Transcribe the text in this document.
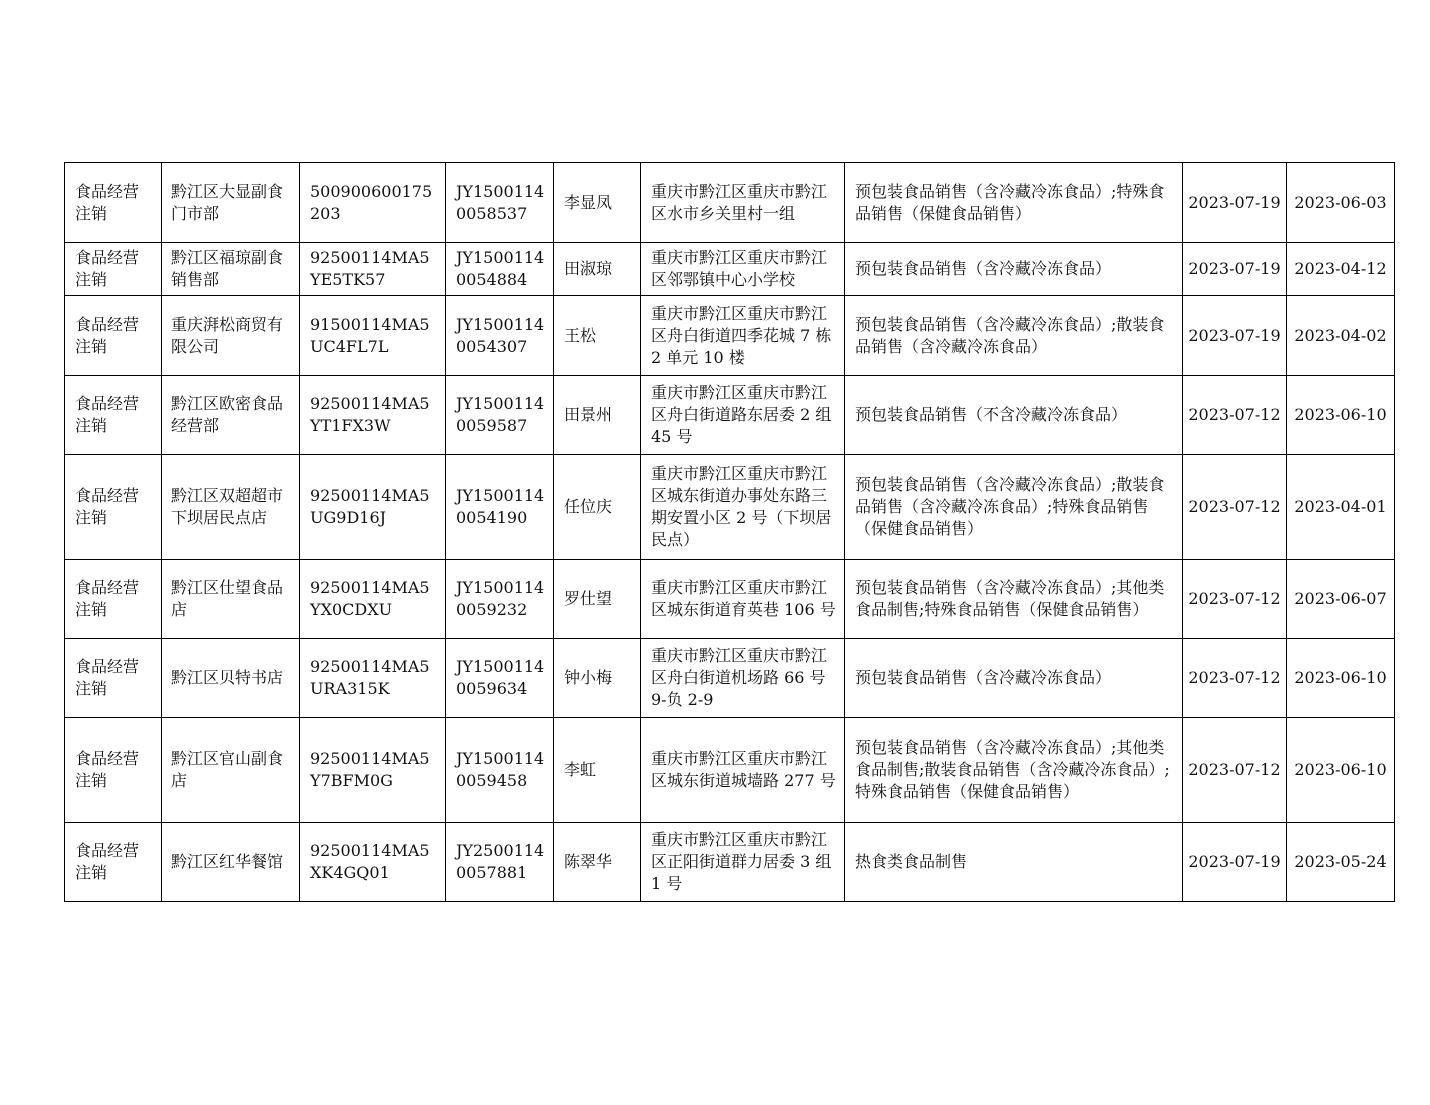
食品经营注销	黔江区大显副食门市部	500900600175203	JY15001140058537	李显凤	重庆市黔江区重庆市黔江区水市乡关里村一组	预包装食品销售（含冷藏冷冻食品）;特殊食品销售（保健食品销售）	2023-07-19	2023-06-03
食品经营注销	黔江区福琼副食销售部	92500114MA5YE5TK57	JY15001140054884	田淑琼	重庆市黔江区重庆市黔江区邻鄂镇中心小学校	预包装食品销售（含冷藏冷冻食品）	2023-07-19	2023-04-12
食品经营注销	重庆湃松商贸有限公司	91500114MA5UC4FL7L	JY15001140054307	王松	重庆市黔江区重庆市黔江区舟白街道四季花城 7 栋 2 单元 10 楼	预包装食品销售（含冷藏冷冻食品）;散装食品销售（含冷藏冷冻食品）	2023-07-19	2023-04-02
食品经营注销	黔江区欧密食品经营部	92500114MA5YT1FX3W	JY15001140059587	田景州	重庆市黔江区重庆市黔江区舟白街道路东居委 2 组 45 号	预包装食品销售（不含冷藏冷冻食品）	2023-07-12	2023-06-10
食品经营注销	黔江区双超超市下坝居民点店	92500114MA5UG9D16J	JY15001140054190	任位庆	重庆市黔江区重庆市黔江区城东街道办事处东路三期安置小区 2 号（下坝居民点）	预包装食品销售（含冷藏冷冻食品）;散装食品销售（含冷藏冷冻食品）;特殊食品销售（保健食品销售）	2023-07-12	2023-04-01
食品经营注销	黔江区仕望食品店	92500114MA5YX0CDXU	JY15001140059232	罗仕望	重庆市黔江区重庆市黔江区城东街道育英巷 106 号	预包装食品销售（含冷藏冷冻食品）;其他类食品制售;特殊食品销售（保健食品销售）	2023-07-12	2023-06-07
食品经营注销	黔江区贝特书店	92500114MA5URA315K	JY15001140059634	钟小梅	重庆市黔江区重庆市黔江区舟白街道机场路 66 号 9-负 2-9	预包装食品销售（含冷藏冷冻食品）	2023-07-12	2023-06-10
食品经营注销	黔江区官山副食店	92500114MA5Y7BFM0G	JY15001140059458	李虹	重庆市黔江区重庆市黔江区城东街道城墙路 277 号	预包装食品销售（含冷藏冷冻食品）;其他类食品制售;散装食品销售（含冷藏冷冻食品）;特殊食品销售（保健食品销售）	2023-07-12	2023-06-10
食品经营注销	黔江区红华餐馆	92500114MA5XK4GQ01	JY25001140057881	陈翠华	重庆市黔江区重庆市黔江区正阳街道群力居委 3 组 1 号	热食类食品制售	2023-07-19	2023-05-24
